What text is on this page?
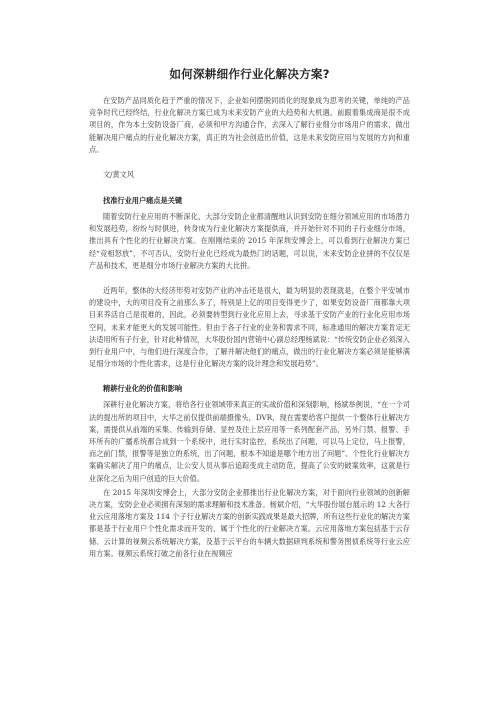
如何深耕细作行业化解决方案?

在安防产品同质化趋于严重的情况下，企业如何摆脱同质化的现象成为思考的关键，单纯的产品竞争时代已经终结，行业化解决方案已成为未来安防产业的大趋势和大机遇。前跟着集成商是很不成项目的，作为本土安防设备厂商，必须和甲方沟通合作，去深入了解行业细分市场用户的需求，做出能解决用户痛点的行业化解决方案，真正的为社会创造出价值，这是未来安防应用与发展的方向和重点。

文/黄文风

找准行业用户痛点是关键

随着安防行业应用的不断深化，大部分安防企业都清醒地认识到安防在细分领域应用的市场潜力和发展趋势，纷纷与时俱进，转身成为行业化解决方案提供商，并开始针对不同的子行业细分市场，推出具有个性化的行业解决方案。在刚刚结束的 2015 年深圳安博会上，可以看到行业解决方案已经“竞相怒放”，不可否认，安防行业化已经成为最热门的话题，可以说，未来安防企业拼的不仅仅是产品和技术，更是细分市场行业解决方案的大比拼。

近两年，整体的大经济形势对安防产业的冲击还是很大，最为明显的表现就是，在整个平安城市的建设中，大的项目没有之前那么多了，特别是上亿的项目变得更少了，如果安防设备厂商都靠大项目来养活自己是很难的，因此，必须要转型到行业化应用上去，寻求基于安防产业的行业化应用市场空间，未来才能更大的发展可能性。但由于各子行业的业务和需求不同，标准通用的解决方案肯定无法适用所有子行业，针对此种情况，大华股份国内营销中心副总经理杨斌说：“传统安防企业必须深入到行业用户中，与他们进行深度合作，了解并解决他们的痛点，做出的行业化解决方案必须是能够满足细分市场的个性化需求，这是行业化解决方案的设计理念和发展趋势”。

精耕行业化的价值和影响

深耕行业化解决方案，将给各行业领域带来真正的实战价值和深刻影响，杨斌举例说，“在一个司法的提出所的项目中，大华之前仅提供前端摄像头，DVR，现在需要给客户提供一个整体行业解决方案，需提供从前端的采集、传输到存储、显控及往上层应用等一系列配套产品，另外门禁、报警、手环所有的广播系统都合成到一个系统中，进行实时监控，系统出了问题，可以马上定位，马上报警，而之前门禁，报警等是独立的系统，出了问题，根本不知道是哪个地方出了问题”。个性化行业解决方案确实解决了用户的痛点，让公安人员从事后追踪变成主动防范，提高了公安的破案效率，这就是行业深化之后为用户创造的巨大价值。

在 2015 年深圳安博会上，大部分安防企业都推出行业化解决方案，对于面向行业领域的创新解决方案，安防企业必须拥有深刻的需求理解和技术准备。杨斌介绍，“大华股份展台展示的 12 大各行业云应用落地方案及 114 个子行业解决方案的创新实践成果是最大招牌，所有这些行业化的解决方案都是基于行业用户个性化需求而开发的，属于个性化的行业解决方案。云应用落地方案包括基于云存储、云计算的视频云系统解决方案，及基于云平台的车辆大数据研判系统和警务图侦系统等行业云应用方案。视频云系统打破之前各行业在视频应
